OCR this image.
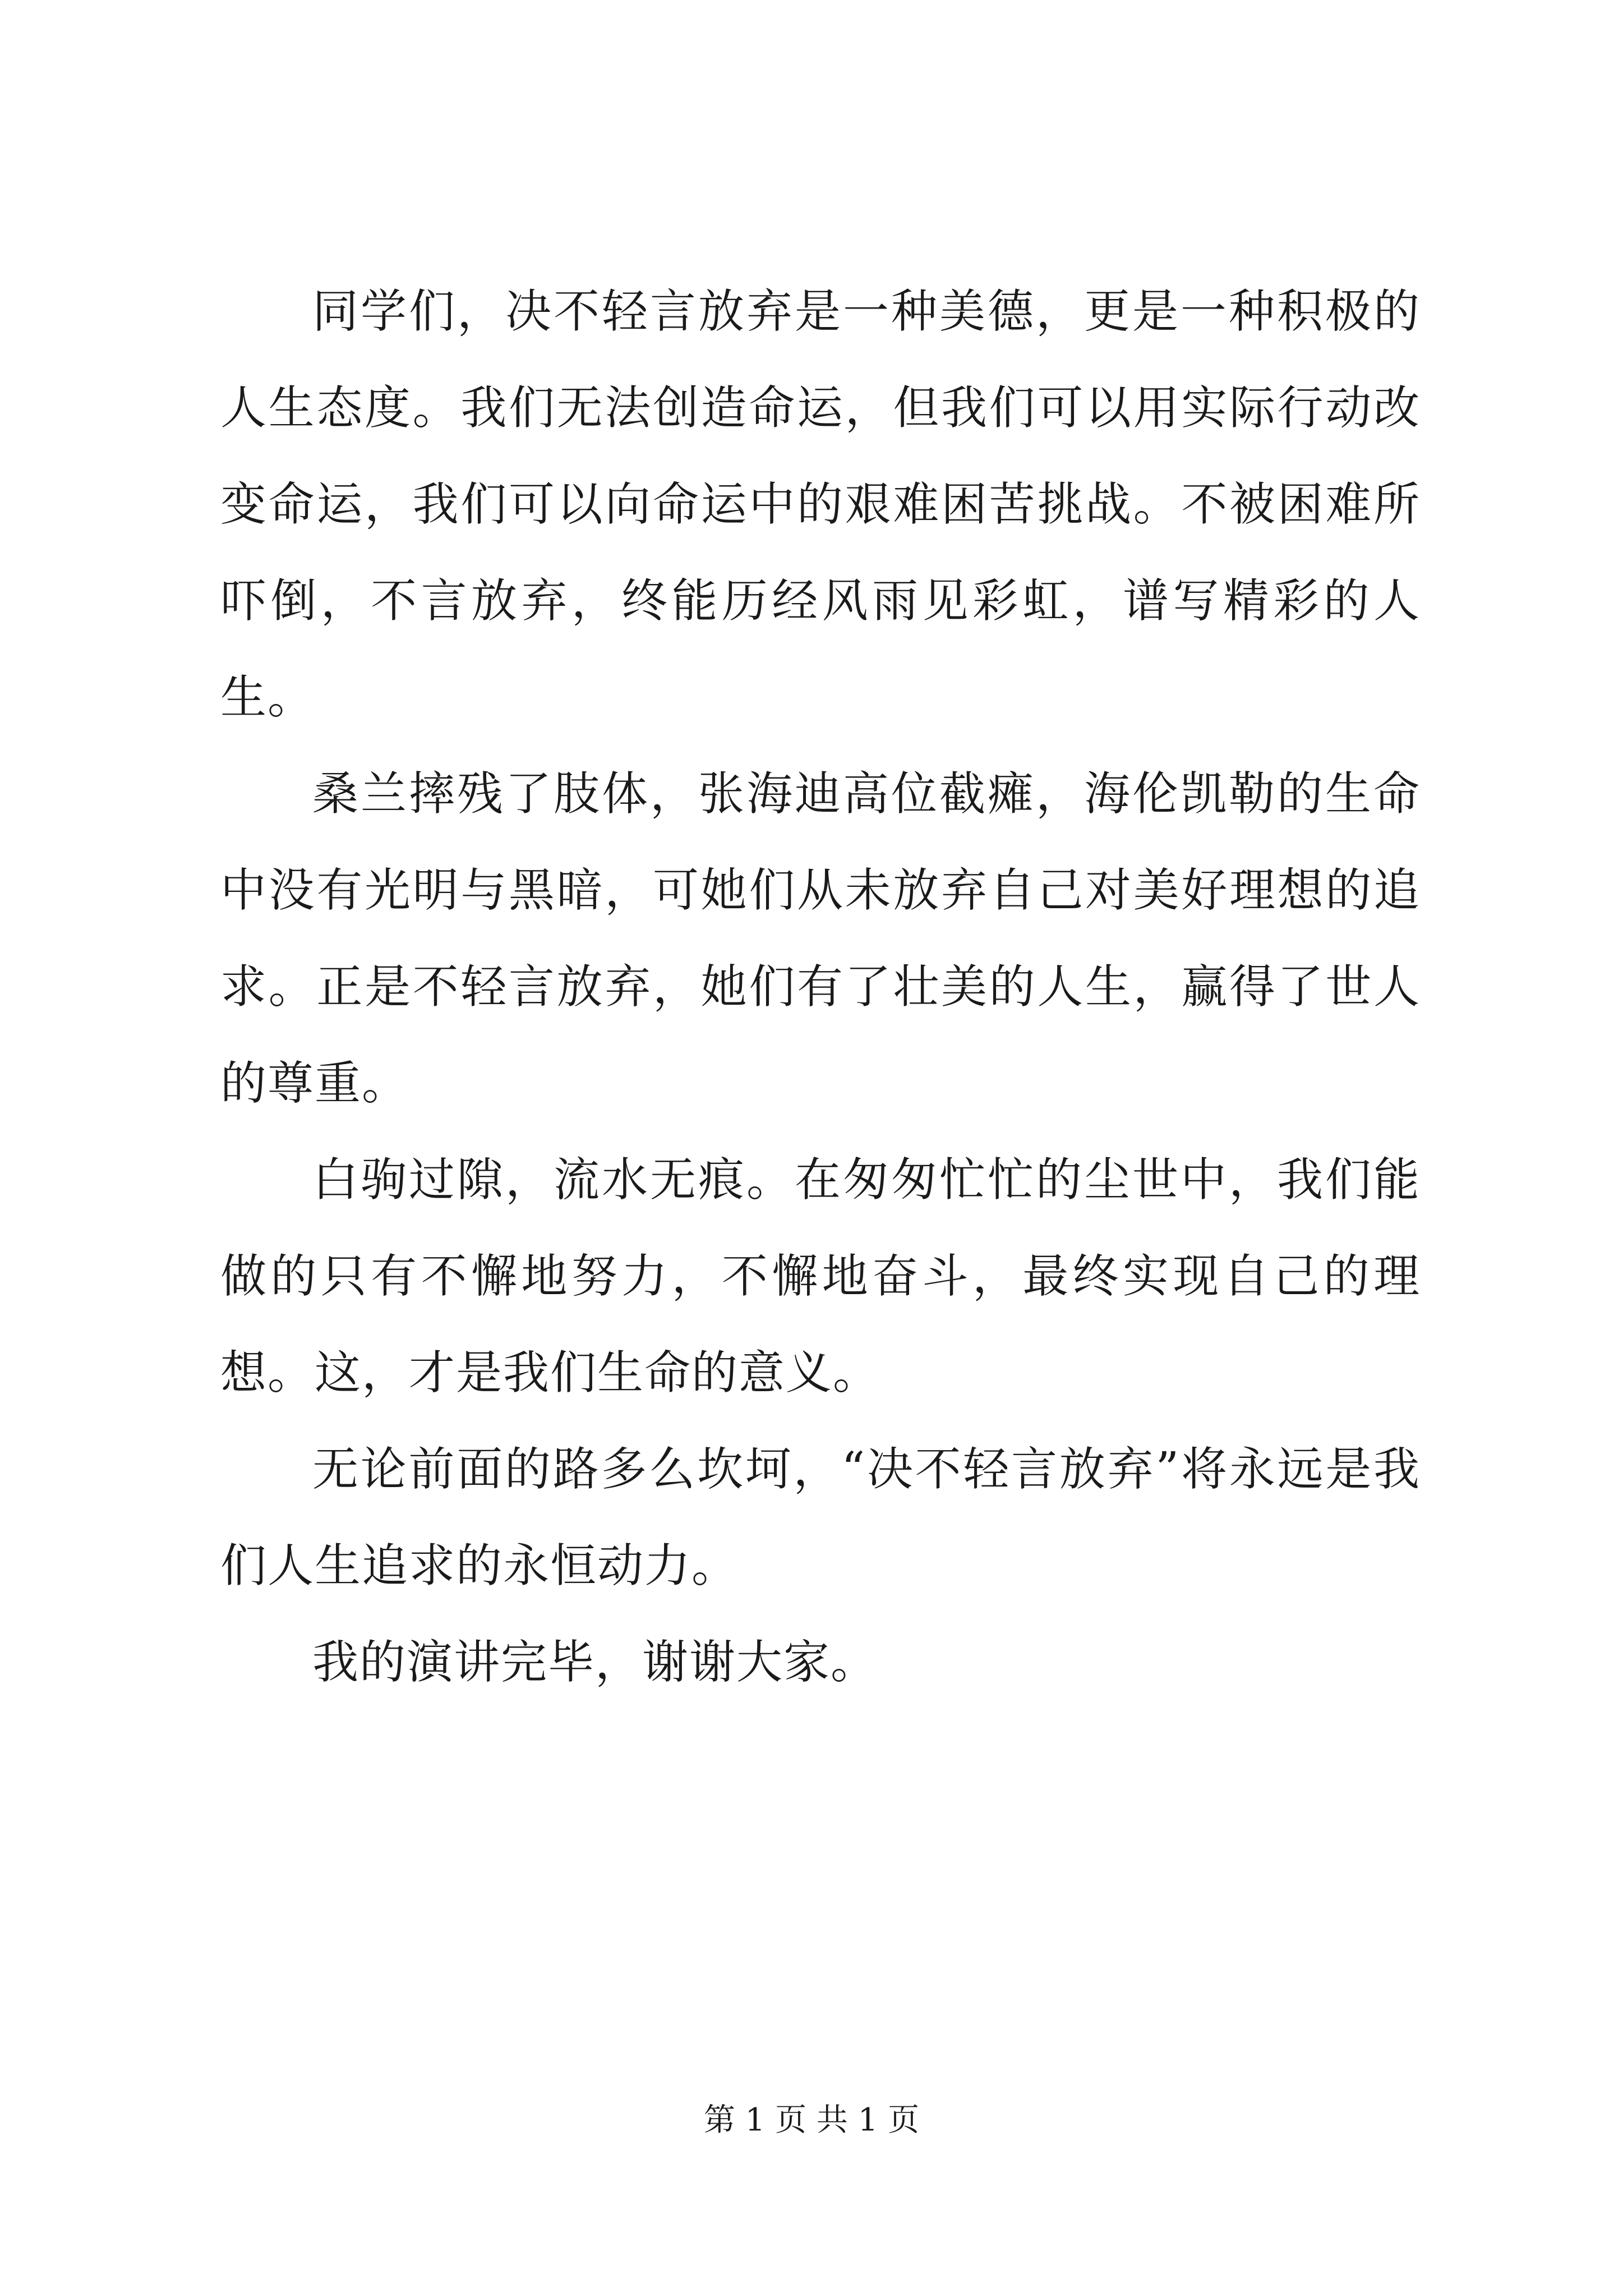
同学们，决不轻言放弃是一种美德，更是一种积极的人生态度。我们无法创造命运，但我们可以用实际行动改变命运，我们可以向命运中的艰难困苦挑战。不被困难所吓倒，不言放弃，终能历经风雨见彩虹，谱写精彩的人生。

桑兰摔残了肢体，张海迪高位截瘫，海伦凯勒的生命中没有光明与黑暗，可她们从未放弃自己对美好理想的追求。正是不轻言放弃，她们有了壮美的人生，赢得了世人的尊重。

白驹过隙，流水无痕。在匆匆忙忙的尘世中，我们能做的只有不懈地努力，不懈地奋斗，最终实现自己的理想。这，才是我们生命的意义。

无论前面的路多么坎坷，“决不轻言放弃”将永远是我们人生追求的永恒动力。

我的演讲完毕，谢谢大家。

第 1 页 共 1 页
